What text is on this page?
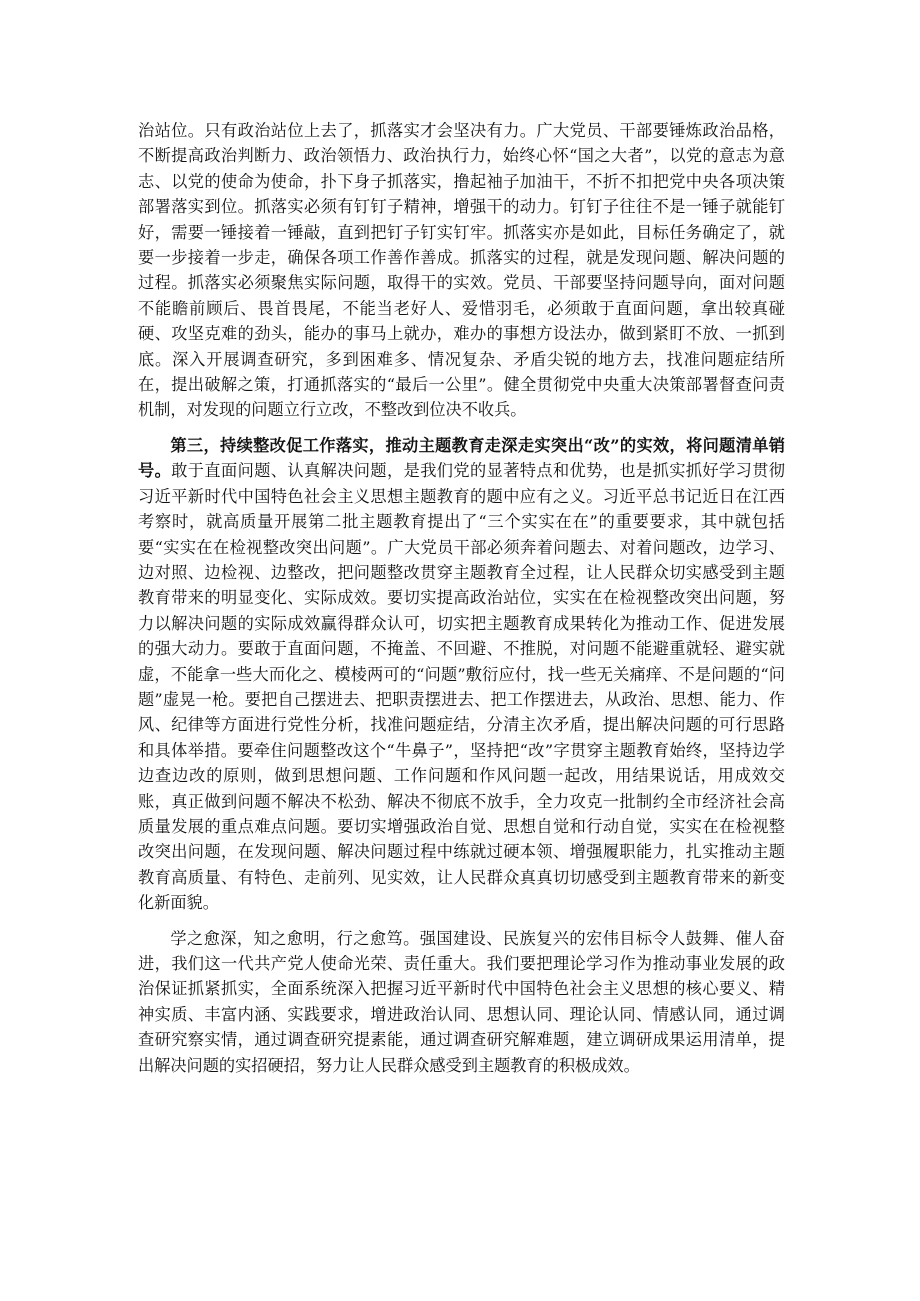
治站位。只有政治站位上去了，抓落实才会坚决有力。广大党员、干部要锤炼政治品格，不断提高政治判断力、政治领悟力、政治执行力，始终心怀“国之大者”，以党的意志为意志、以党的使命为使命，扑下身子抓落实，撸起袖子加油干，不折不扣把党中央各项决策部署落实到位。抓落实必须有钉钉子精神，增强干的动力。钉钉子往往不是一锤子就能钉好，需要一锤接着一锤敲，直到把钉子钉实钉牢。抓落实亦是如此，目标任务确定了，就要一步接着一步走，确保各项工作善作善成。抓落实的过程，就是发现问题、解决问题的过程。抓落实必须聚焦实际问题，取得干的实效。党员、干部要坚持问题导向，面对问题不能瞻前顾后、畏首畏尾，不能当老好人、爱惜羽毛，必须敢于直面问题，拿出较真碰硬、攻坚克难的劲头，能办的事马上就办，难办的事想方设法办，做到紧盯不放、一抓到底。深入开展调查研究，多到困难多、情况复杂、矛盾尖锐的地方去，找准问题症结所在，提出破解之策，打通抓落实的“最后一公里”。健全贯彻党中央重大决策部署督查问责机制，对发现的问题立行立改，不整改到位决不收兵。

第三，持续整改促工作落实，推动主题教育走深走实突出“改”的实效，将问题清单销号。敢于直面问题、认真解决问题，是我们党的显著特点和优势，也是抓实抓好学习贯彻习近平新时代中国特色社会主义思想主题教育的题中应有之义。习近平总书记近日在江西考察时，就高质量开展第二批主题教育提出了“三个实实在在”的重要要求，其中就包括要“实实在在检视整改突出问题”。广大党员干部必须奔着问题去、对着问题改，边学习、边对照、边检视、边整改，把问题整改贯穿主题教育全过程，让人民群众切实感受到主题教育带来的明显变化、实际成效。要切实提高政治站位，实实在在检视整改突出问题，努力以解决问题的实际成效赢得群众认可，切实把主题教育成果转化为推动工作、促进发展的强大动力。要敢于直面问题，不掩盖、不回避、不推脱，对问题不能避重就轻、避实就虚，不能拿一些大而化之、模棱两可的“问题”敷衍应付，找一些无关痛痒、不是问题的“问题”虚晃一枪。要把自己摆进去、把职责摆进去、把工作摆进去，从政治、思想、能力、作风、纪律等方面进行党性分析，找准问题症结，分清主次矛盾，提出解决问题的可行思路和具体举措。要牵住问题整改这个“牛鼻子”，坚持把“改”字贯穿主题教育始终，坚持边学边查边改的原则，做到思想问题、工作问题和作风问题一起改，用结果说话，用成效交账，真正做到问题不解决不松劲、解决不彻底不放手，全力攻克一批制约全市经济社会高质量发展的重点难点问题。要切实增强政治自觉、思想自觉和行动自觉，实实在在检视整改突出问题，在发现问题、解决问题过程中练就过硬本领、增强履职能力，扎实推动主题教育高质量、有特色、走前列、见实效，让人民群众真真切切感受到主题教育带来的新变化新面貌。

学之愈深，知之愈明，行之愈笃。强国建设、民族复兴的宏伟目标令人鼓舞、催人奋进，我们这一代共产党人使命光荣、责任重大。我们要把理论学习作为推动事业发展的政治保证抓紧抓实，全面系统深入把握习近平新时代中国特色社会主义思想的核心要义、精神实质、丰富内涵、实践要求，增进政治认同、思想认同、理论认同、情感认同，通过调查研究察实情，通过调查研究提素能，通过调查研究解难题，建立调研成果运用清单，提出解决问题的实招硬招，努力让人民群众感受到主题教育的积极成效。
